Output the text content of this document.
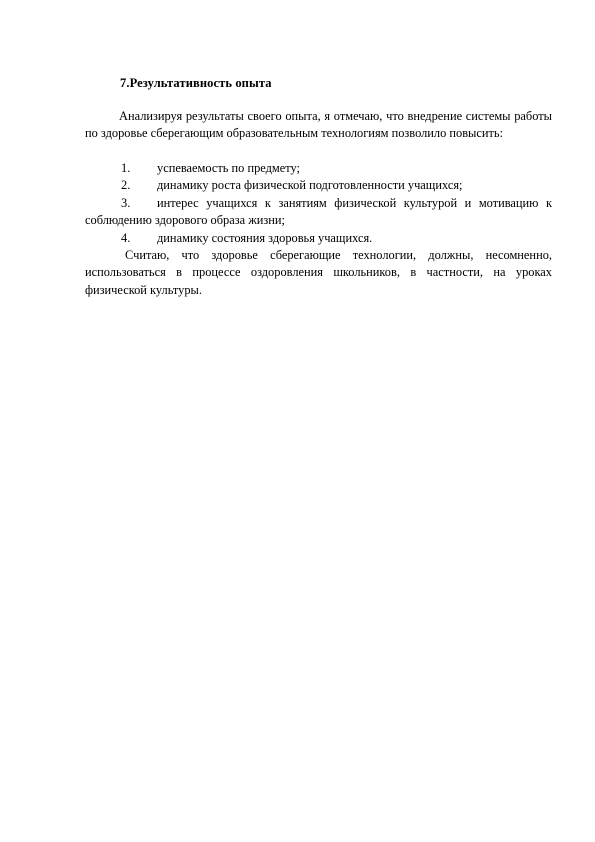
7.Результативность опыта
Анализируя результаты своего опыта, я отмечаю, что внедрение системы работы по здоровье сберегающим образовательным технологиям позволило повысить:
1. успеваемость по предмету;
2. динамику роста физической подготовленности учащихся;
3. интерес учащихся к занятиям физической культурой и мотивацию к соблюдению здорового образа жизни;
4. динамику состояния здоровья учащихся.
Считаю, что здоровье сберегающие технологии, должны, несомненно, использоваться в процессе оздоровления школьников, в частности, на уроках физической культуры.
